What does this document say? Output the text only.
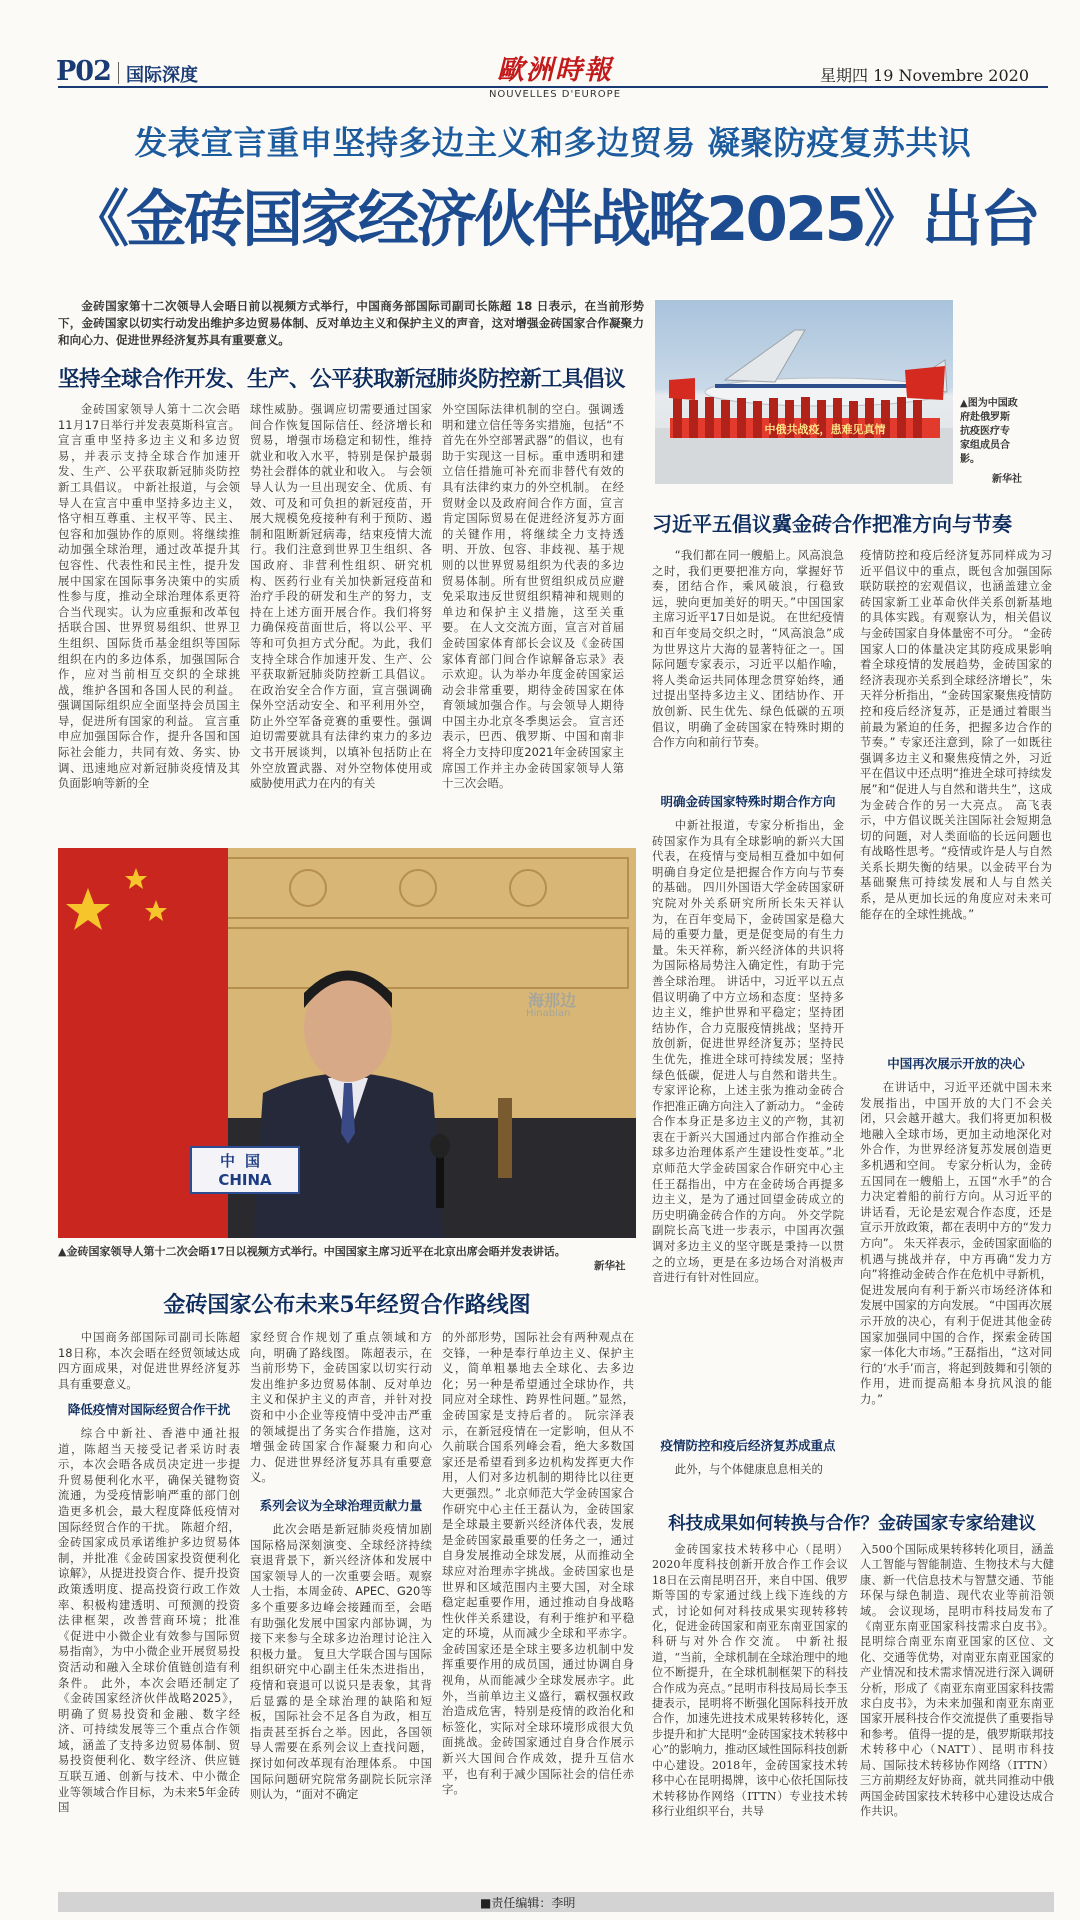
P02 国际深度	歐洲時報
NOUVELLES D'EUROPE
星期四 19 Novembre 2020
发表宣言重申坚持多边主义和多边贸易 凝聚防疫复苏共识
《金砖国家经济伙伴战略2025》出台
金砖国家第十二次领导人会晤日前以视频方式举行，中国商务部国际司副司长陈超 18 日表示，在当前形势下，金砖国家以切实行动发出维护多边贸易体制、反对单边主义和保护主义的声音，这对增强金砖国家合作凝聚力和向心力、促进世界经济复苏具有重要意义。
中俄共战疫，患难见真情
▲图为中国政府赴俄罗斯抗疫医疗专家组成员合影。
新华社
坚持全球合作开发、生产、公平获取新冠肺炎防控新工具倡议
金砖国家领导人第十二次会晤11月17日举行并发表莫斯科宣言。宣言重申坚持多边主义和多边贸易，并表示支持全球合作加速开发、生产、公平获取新冠肺炎防控新工具倡议。 中新社报道，与会领导人在宣言中重申坚持多边主义，恪守相互尊重、主权平等、民主、包容和加强协作的原则。将继续推动加强全球治理，通过改革提升其包容性、代表性和民主性，提升发展中国家在国际事务决策中的实质性参与度，推动全球治理体系更符合当代现实。认为应重振和改革包括联合国、世界贸易组织、世界卫生组织、国际货币基金组织等国际组织在内的多边体系，加强国际合作，应对当前相互交织的全球挑战，维护各国和各国人民的利益。强调国际组织应全面坚持会员国主导，促进所有国家的利益。 宣言重申应加强国际合作，提升各国和国际社会能力，共同有效、务实、协调、迅速地应对新冠肺炎疫情及其负面影响等新的全
球性威胁。强调应切需要通过国家间合作恢复国际信任、经济增长和贸易，增强市场稳定和韧性，维持就业和收入水平，特别是保护最弱势社会群体的就业和收入。 与会领导人认为一旦出现安全、优质、有效、可及和可负担的新冠疫苗，开展大规模免疫接种有利于预防、遏制和阻断新冠病毒，结束疫情大流行。我们注意到世界卫生组织、各国政府、非营利性组织、研究机构、医药行业有关加快新冠疫苗和治疗手段的研发和生产的努力，支持在上述方面开展合作。我们将努力确保疫苗面世后，将以公平、平等和可负担方式分配。为此，我们支持全球合作加速开发、生产、公平获取新冠肺炎防控新工具倡议。 在政治安全合作方面，宣言强调确保外空活动安全、和平利用外空，防止外空军备竞赛的重要性。强调迫切需要就具有法律约束力的多边文书开展谈判，以填补包括防止在外空放置武器、对外空物体使用或威胁使用武力在内的有关
外空国际法律机制的空白。强调透明和建立信任等务实措施，包括“不首先在外空部署武器”的倡议，也有助于实现这一目标。重申透明和建立信任措施可补充而非替代有效的具有法律约束力的外空机制。 在经贸财金以及政府间合作方面，宣言肯定国际贸易在促进经济复苏方面的关键作用，将继续全力支持透明、开放、包容、非歧视、基于规则的以世界贸易组织为代表的多边贸易体制。所有世贸组织成员应避免采取违反世贸组织精神和规则的单边和保护主义措施，这至关重要。 在人文交流方面，宣言对首届金砖国家体育部长会议及《金砖国家体育部门间合作谅解备忘录》表示欢迎。认为举办年度金砖国家运动会非常重要，期待金砖国家在体育领域加强合作。与会领导人期待中国主办北京冬季奥运会。 宣言还表示，巴西、俄罗斯、中国和南非将全力支持印度2021年金砖国家主席国工作并主办金砖国家领导人第十三次会晤。
中国
CHINA
海那边
Hinabian
▲金砖国家领导人第十二次会晤17日以视频方式举行。中国国家主席习近平在北京出席会晤并发表讲话。
新华社
习近平五倡议冀金砖合作把准方向与节奏
“我们都在同一艘船上。风高浪急之时，我们更要把准方向，掌握好节奏，团结合作，乘风破浪，行稳致远，驶向更加美好的明天。”中国国家主席习近平17日如是说。 在世纪疫情和百年变局交织之时，“风高浪急”成为世界这片大海的显著特征之一。国际问题专家表示，习近平以船作喻，将人类命运共同体理念贯穿始终，通过提出坚持多边主义、团结协作、开放创新、民生优先、绿色低碳的五项倡议，明确了金砖国家在特殊时期的合作方向和前行节奏。
明确金砖国家特殊时期合作方向
中新社报道，专家分析指出，金砖国家作为具有全球影响的新兴大国代表，在疫情与变局相互叠加中如何明确自身定位是把握合作方向与节奏的基础。 四川外国语大学金砖国家研究院对外关系研究所所长朱天祥认为，在百年变局下，金砖国家是稳大局的重要力量，更是促变局的有生力量。朱天祥称，新兴经济体的共识将为国际格局势注入确定性，有助于完善全球治理。 讲话中，习近平以五点倡议明确了中方立场和态度：坚持多边主义，维护世界和平稳定；坚持团结协作，合力克服疫情挑战；坚持开放创新，促进世界经济复苏；坚持民生优先，推进全球可持续发展；坚持绿色低碳，促进人与自然和谐共生。专家评论称，上述主张为推动金砖合作把准正确方向注入了新动力。 “金砖合作本身正是多边主义的产物，其初衷在于新兴大国通过内部合作推动全球多边治理体系产生建设性变革。”北京师范大学金砖国家合作研究中心主任王磊指出，中方在金砖场合再提多边主义，是为了通过回望金砖成立的历史明确金砖合作的方向。 外交学院副院长高飞进一步表示，中国再次强调对多边主义的坚守既是秉持一以贯之的立场，更是在多边场合对消极声音进行有针对性回应。
疫情防控和疫后经济复苏成重点
此外，与个体健康息息相关的
疫情防控和疫后经济复苏同样成为习近平倡议中的重点，既包含加强国际联防联控的宏观倡议，也涵盖建立金砖国家新工业革命伙伴关系创新基地的具体实践。有观察认为，相关倡议与金砖国家自身体量密不可分。 “金砖国家人口的体量决定其防疫成果影响着全球疫情的发展趋势，金砖国家的经济表现亦关系到全球经济增长”，朱天祥分析指出，“金砖国家聚焦疫情防控和疫后经济复苏，正是通过着眼当前最为紧迫的任务，把握多边合作的节奏。” 专家还注意到，除了一如既往强调多边主义和聚焦疫情之外，习近平在倡议中还点明“推进全球可持续发展”和“促进人与自然和谐共生”，这成为金砖合作的另一大亮点。 高飞表示，中方倡议既关注国际社会短期急切的问题，对人类面临的长远问题也有战略性思考。“疫情或许是人与自然关系长期失衡的结果。以金砖平台为基础聚焦可持续发展和人与自然关系，是从更加长远的角度应对未来可能存在的全球性挑战。”
中国再次展示开放的决心
在讲话中，习近平还就中国未来发展指出，中国开放的大门不会关闭，只会越开越大。我们将更加积极地融入全球市场，更加主动地深化对外合作，为世界经济复苏发展创造更多机遇和空间。 专家分析认为，金砖五国同在一艘船上，五国“水手”的合力决定着船的前行方向。从习近平的讲话看，无论是宏观合作态度，还是宣示开放政策，都在表明中方的“发力方向”。 朱天祥表示，金砖国家面临的机遇与挑战并存，中方再确“发力方向”将推动金砖合作在危机中寻新机，促进发展向有利于新兴市场经济体和发展中国家的方向发展。 “中国再次展示开放的决心，有利于促进其他金砖国家加强同中国的合作，探索金砖国家一体化大市场。”王磊指出，“这对同行的‘水手’而言，将起到鼓舞和引领的作用，进而提高船本身抗风浪的能力。”
金砖国家公布未来5年经贸合作路线图
中国商务部国际司副司长陈超18日称，本次会晤在经贸领域达成四方面成果，对促进世界经济复苏具有重要意义。
降低疫情对国际经贸合作干扰
综合中新社、香港中通社报道，陈超当天接受记者采访时表示，本次会晤各成员决定进一步提升贸易便利化水平，确保关键物资流通，为受疫情影响严重的部门创造更多机会，最大程度降低疫情对国际经贸合作的干扰。 陈超介绍，金砖国家成员承诺维护多边贸易体制，并批准《金砖国家投资便利化谅解》，从提进投资合作、提升投资政策透明度、提高投资行政工作效率、积极构建透明、可预测的投资法律框架，改善营商环境；批准《促进中小微企业有效参与国际贸易指南》，为中小微企业开展贸易投资活动和融入全球价值链创造有利条件。 此外，本次会晤还制定了《金砖国家经济伙伴战略2025》，明确了贸易投资和金融、数字经济、可持续发展等三个重点合作领域，涵盖了支持多边贸易体制、贸易投资便利化、数字经济、供应链互联互通、创新与技术、中小微企业等领域合作目标，为未来5年金砖国
家经贸合作规划了重点领域和方向，明确了路线图。 陈超表示，在当前形势下，金砖国家以切实行动发出维护多边贸易体制、反对单边主义和保护主义的声音，并针对投资和中小企业等疫情中受冲击严重的领域提出了务实合作措施，这对增强金砖国家合作凝聚力和向心力、促进世界经济复苏具有重要意义。
系列会议为全球治理贡献力量
此次会晤是新冠肺炎疫情加剧国际格局深刻演变、全球经济持续衰退背景下，新兴经济体和发展中国家领导人的一次重要会晤。观察人士指，本周金砖、APEC、G20等多个重要多边峰会接踵而至，会晤有助强化发展中国家内部协调，为接下来参与全球多边治理讨论注入积极力量。 复旦大学联合国与国际组织研究中心副主任朱杰进指出，疫情和衰退可以说只是表象，其背后显露的是全球治理的缺陷和短板，国际社会不足各自为政，相互指责甚至拆台之举。因此，各国领导人需要在系列会议上查找问题，探讨如何改革现有治理体系。 中国国际问题研究院常务副院长阮宗泽则认为，“面对不确定
的外部形势，国际社会有两种观点在交锋，一种是奉行单边主义、保护主义，简单粗暴地去全球化、去多边化；另一种是希望通过全球协作，共同应对全球性、跨界性问题。”显然，金砖国家是支持后者的。 阮宗泽表示，在新冠疫情在一定影响，但从不久前联合国系列峰会看，绝大多数国家还是希望看到多边机构发挥更大作用，人们对多边机制的期待比以往更大更强烈。” 北京师范大学金砖国家合作研究中心主任王磊认为，金砖国家是全球最主要新兴经济体代表，发展是金砖国家最重要的任务之一，通过自身发展推动全球发展，从而推动全球应对治理赤字挑战。金砖国家也是世界和区域范围内主要大国，对全球稳定起重要作用，通过推动自身战略性伙伴关系建设，有利于维护和平稳定的环境，从而减少全球和平赤字。金砖国家还是全球主要多边机制中发挥重要作用的成员国，通过协调自身视角，从而能减少全球发展赤字。此外，当前单边主义盛行，霸权强权政治造成危害，特别是疫情的政治化和标签化，实际对全球环境形成很大负面挑战。金砖国家通过自身合作展示新兴大国间合作成效，提升互信水平，也有利于减少国际社会的信任赤字。
科技成果如何转换与合作？金砖国家专家给建议
金砖国家技术转移中心（昆明）2020年度科技创新开放合作工作会议18日在云南昆明召开，来自中国、俄罗斯等国的专家通过线上线下连线的方式，讨论如何对科技成果实现转移转化，促进金砖国家和南亚东南亚国家的科研与对外合作交流。 中新社报道，“当前，全球机制在全球治理中的地位不断提升，在全球机制框架下的科技合作成为亮点。”昆明市科技局局长李玉捷表示，昆明将不断强化国际科技开放合作，加速先进技术成果转移转化，逐步提升和扩大昆明“金砖国家技术转移中心”的影响力，推动区域性国际科技创新中心建设。2018年，金砖国家技术转移中心在昆明揭牌，该中心依托国际技术转移协作网络（ITTN）专业技术转移行业组织平台，共导
入500个国际成果转移转化项目，涵盖人工智能与智能制造、生物技术与大健康、新一代信息技术与智慧交通、节能环保与绿色制造、现代农业等前沿领域。 会议现场，昆明市科技局发布了《南亚东南亚国家科技需求白皮书》。昆明综合南亚东南亚国家的区位、文化、交通等优势，对南亚东南亚国家的产业情况和技术需求情况进行深入调研分析，形成了《南亚东南亚国家科技需求白皮书》，为未来加强和南亚东南亚国家开展科技合作交流提供了重要指导和参考。 值得一提的是，俄罗斯联邦技术转移中心（NATT）、昆明市科技局、国际技术转移协作网络（ITTN）三方前期经友好协商，就共同推动中俄两国金砖国家技术转移中心建设达成合作共识。
■责任编辑：李明
